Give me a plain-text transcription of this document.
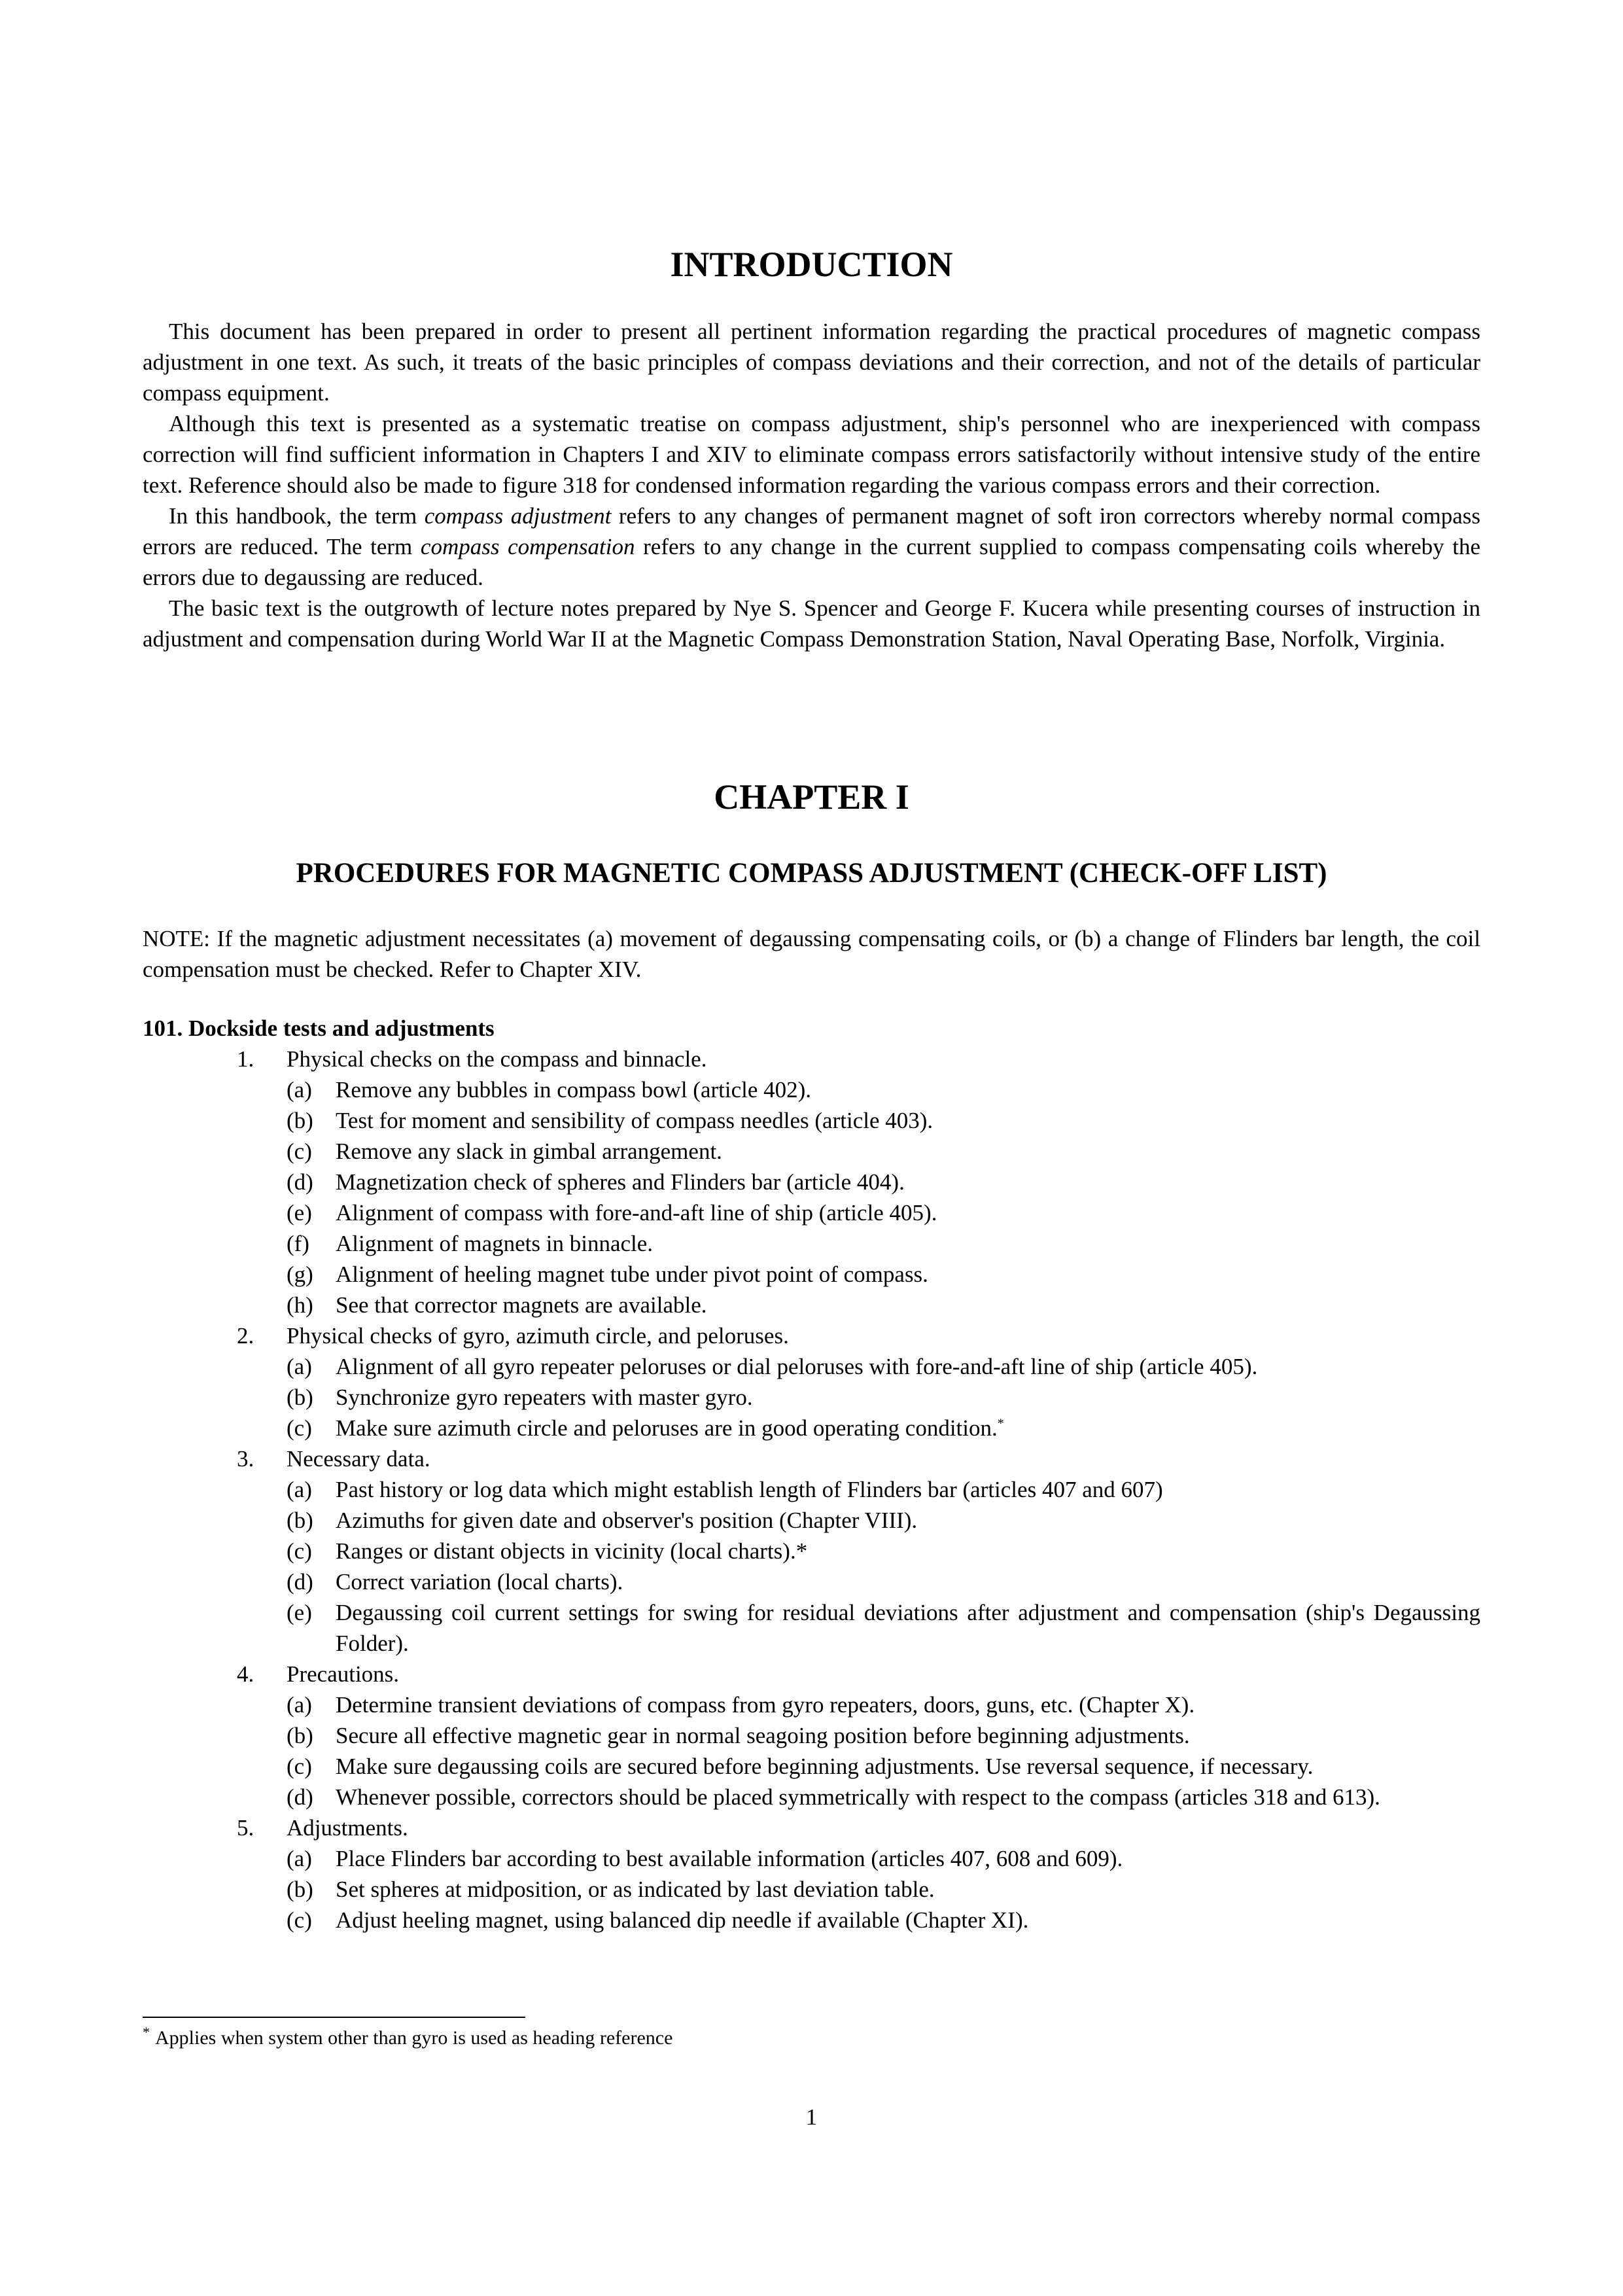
INTRODUCTION

This document has been prepared in order to present all pertinent information regarding the practical procedures of magnetic compass adjustment in one text. As such, it treats of the basic principles of compass deviations and their correction, and not of the details of particular compass equipment.

Although this text is presented as a systematic treatise on compass adjustment, ship's personnel who are inexperienced with compass correction will find sufficient information in Chapters I and XIV to eliminate compass errors satisfactorily without intensive study of the entire text. Reference should also be made to figure 318 for condensed information regarding the various compass errors and their correction.

In this handbook, the term compass adjustment refers to any changes of permanent magnet of soft iron correctors whereby normal compass errors are reduced. The term compass compensation refers to any change in the current supplied to compass compensating coils whereby the errors due to degaussing are reduced.

The basic text is the outgrowth of lecture notes prepared by Nye S. Spencer and George F. Kucera while presenting courses of instruction in adjustment and compensation during World War II at the Magnetic Compass Demonstration Station, Naval Operating Base, Norfolk, Virginia.

CHAPTER I
PROCEDURES FOR MAGNETIC COMPASS ADJUSTMENT (CHECK-OFF LIST)

NOTE: If the magnetic adjustment necessitates (a) movement of degaussing compensating coils, or (b) a change of Flinders bar length, the coil compensation must be checked. Refer to Chapter XIV.

101. Dockside tests and adjustments

1. Physical checks on the compass and binnacle.
(a) Remove any bubbles in compass bowl (article 402).
(b) Test for moment and sensibility of compass needles (article 403).
(c) Remove any slack in gimbal arrangement.
(d) Magnetization check of spheres and Flinders bar (article 404).
(e) Alignment of compass with fore-and-aft line of ship (article 405).
(f) Alignment of magnets in binnacle.
(g) Alignment of heeling magnet tube under pivot point of compass.
(h) See that corrector magnets are available.
2. Physical checks of gyro, azimuth circle, and peloruses.
(a) Alignment of all gyro repeater peloruses or dial peloruses with fore-and-aft line of ship (article 405).
(b) Synchronize gyro repeaters with master gyro.
(c) Make sure azimuth circle and peloruses are in good operating condition.*
3. Necessary data.
(a) Past history or log data which might establish length of Flinders bar (articles 407 and 607)
(b) Azimuths for given date and observer's position (Chapter VIII).
(c) Ranges or distant objects in vicinity (local charts).*
(d) Correct variation (local charts).
(e) Degaussing coil current settings for swing for residual deviations after adjustment and compensation (ship's Degaussing Folder).
4. Precautions.
(a) Determine transient deviations of compass from gyro repeaters, doors, guns, etc. (Chapter X).
(b) Secure all effective magnetic gear in normal seagoing position before beginning adjustments.
(c) Make sure degaussing coils are secured before beginning adjustments. Use reversal sequence, if necessary.
(d) Whenever possible, correctors should be placed symmetrically with respect to the compass (articles 318 and 613).
5. Adjustments.
(a) Place Flinders bar according to best available information (articles 407, 608 and 609).
(b) Set spheres at midposition, or as indicated by last deviation table.
(c) Adjust heeling magnet, using balanced dip needle if available (Chapter XI).
* Applies when system other than gyro is used as heading reference
1
